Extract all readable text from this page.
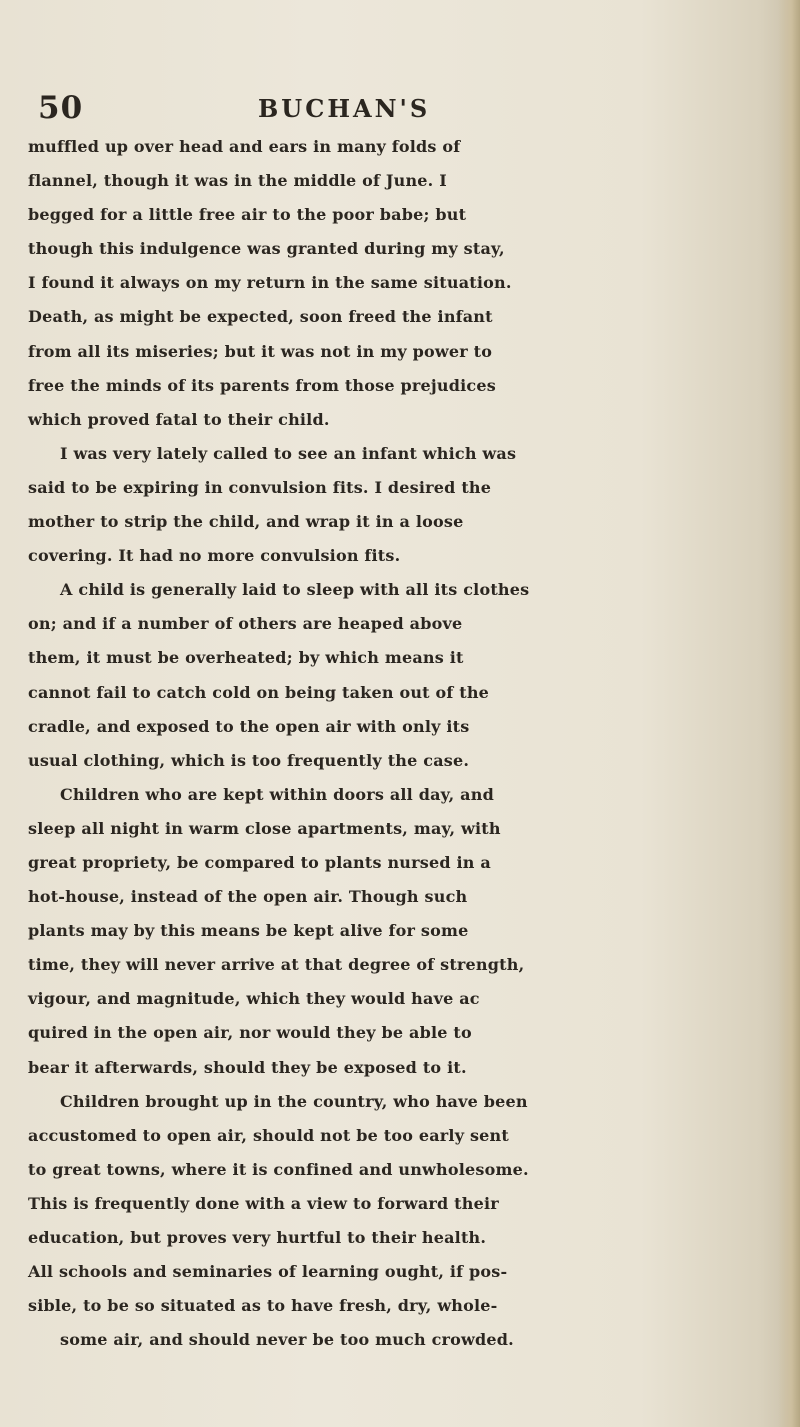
50	BUCHAN'S
muffled up over head and ears in many folds of
flannel, though it was in the middle of June. I
begged for a little free air to the poor babe; but
though this indulgence was granted during my stay,
I found it always on my return in the same situation.
Death, as might be expected, soon freed the infant
from all its miseries; but it was not in my power to
free the minds of its parents from those prejudices
which proved fatal to their child.
I was very lately called to see an infant which was
said to be expiring in convulsion fits. I desired the
mother to strip the child, and wrap it in a loose
covering. It had no more convulsion fits.
A child is generally laid to sleep with all its clothes
on; and if a number of others are heaped above
them, it must be overheated; by which means it
cannot fail to catch cold on being taken out of the
cradle, and exposed to the open air with only its
usual clothing, which is too frequently the case.
Children who are kept within doors all day, and
sleep all night in warm close apartments, may, with
great propriety, be compared to plants nursed in a
hot-house, instead of the open air. Though such
plants may by this means be kept alive for some
time, they will never arrive at that degree of strength,
vigour, and magnitude, which they would have ac
quired in the open air, nor would they be able to
bear it afterwards, should they be exposed to it.
Children brought up in the country, who have been
accustomed to open air, should not be too early sent
to great towns, where it is confined and unwholesome.
This is frequently done with a view to forward their
education, but proves very hurtful to their health.
All schools and seminaries of learning ought, if pos-
sible, to be so situated as to have fresh, dry, whole-
some air, and should never be too much crowded.
